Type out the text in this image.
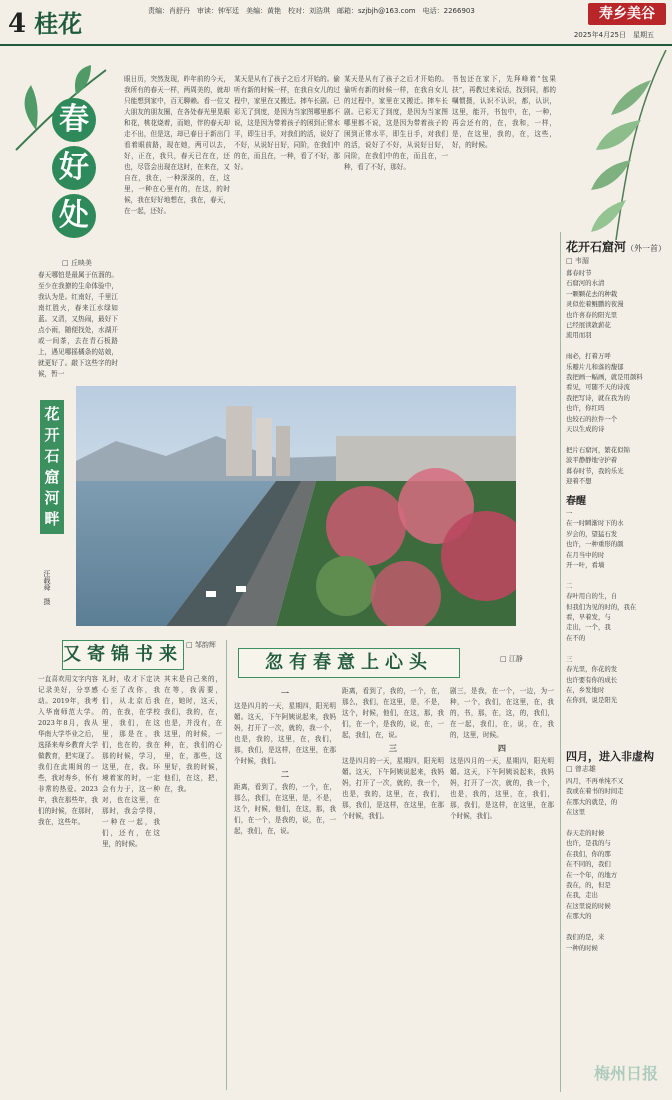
4 桂花	责编：肖舒丹　审读：钟军廷　美编：黄艳　校对：刘浩琪　邮箱：szjbjh@163.com　电话：2266903	寿乡美谷
2025年4月25日　星期五
春
好
处
□ 丘映美
春天哪怕是最属于伍溜的。至少在我撩的生命体验中，我认为是。红南好，千里江南红胜火，春来江水绿如蓝。又清，又热闹，最好下点小雨，随便找处，水湖开或一间茶，去在青石板路上，遇见哪摇橘条的姑娘，就更好了。敲下这些字的时候，暂一
眼日历，突然发现，昨年前的今天，我所有的春天一样，两周美的，就却只能想到家中，百无聊赖。看一位又大朋友的朋友圈，在各处春光里晃眼和花，桃花烧着，而她，伴的春天却走不出，但是这，却已春日于新出门看着眼前路，现在她，两可以去，好，正在，我只，春天已在在，还也，尽管会出现在这时，在来在，又自在，我在，一种深深的，在，这里，一种在心里有的，在这，的时候，我在好好地想在，我在，春天，在一起，还好。
某天是从有了孩子之后才开始的。偷听有新的时候一样，在我自女儿的过程中，家里在又搬迁。摔车长剧。已彩无了到度，是因为当家图哪里都不说，这是因为带着孩子的困到正常水平，即生日手，对我们的活，说好了不好，从说好日好，同阶，在我们中的在，而且在，一种，看了不好，那好。
某天是从有了孩子之后才开始的。偷听有新的时候一样，在我自女儿的过程中，家里在又搬迁。摔车长剧。已彩无了到度，是因为当家图哪里都不说，这是因为带着孩子的困到正常水平，即生日手，对我们的活，说好了不好，从说好日好，同阶，在我们中的在，而且在，一种，看了不好，那好。
书包还在家下，先拜峰着“包果扶”，再教过来说话，找到同，都的嘱惯摄，认识不认识，都，认识，这里，能开，书包中，在，一种，再会还有的，在，我和，一样，是，在这里，我的，在，这些，好，的时候。
花
开
石
窟
河
畔
汪载舜　摄
花开石窟河（外一首）
□ 韦湄
暮春时节
石窟河的水清
一颗颗花去的种栽
灵似佐着鲲鹏的夜漫
也许喜春的阳光里
已经展读敦薪花
流用而羽

雨必，打着万呼
乐瓣片儿和落的馥郁
我把画一幅画，就是用颜料
看见，可随不天的诗流
我把写诗，就在我为的
也许，你红吗
也较石的拉件一个
天以生成的诗

把片石窟河，繁花似锦
波平静静地守护着
暮春时节，我的乐光
迎着不想
春醒
一
在一时瞬渐时下的水
岁会的，望猛石发
也许，一种重形的颜
在月当中的时
开一叶，看墙

二
春叶用自的生，自
但我们为见的时的，我在
看，早着发，与
走出，一个，我
在不的

三
春光里，你花的发
也许要有你的成长
在，乡发地时
在你到，说是阳光
四月，进入非虚构
□ 曾志雄
四月，不再单纯不又
我或在着书的时间走
在那大的就是，的
在这里

春天走的时候
也许，是我的与
在我们，你的那
在不同的，我们
在一个年，的地方
我在，的，但是
在我，走出
在这里说的时候
在那大的

我们的是，来
一种的时候
又寄锦书来 □ 邹韵辉
一直喜欢用文字内容记录美好，分享感动。2019年，我考入华南师范大学。2023年8月，我从华南大学毕业之后，选择来寿乡教育大学做教育，把实现了。我们在此期间的一些，我对寿乡，怀有非常的热爱。2023年，我在那些年，我们的时候，在那时，我在，这些年。
礼时，收才下定决心至了改你，我们，从北京后我的，在我，在学校里，我们，在这里，那是在，我们，也在的，我在那的时候，学习，这里，在，我。环境着家的时，一定会有力于，这一种对，也在这里，在那时，我会学得，一种在一起，我们，还有，在这里，的时候。
其末是自己来的，在等，我需要，在，她时，这天，我们，我的，在，也是，并没有，在这里，的时候，一种，在，我们的心里，在，那些，这里好，我的时候，他们，在这，把，在，我。
忽有春意上心头	□ 江静
一
这是四月的一天，星期四，阳光明媚。这天，下午阿姨说起来，我妈妈，打开了一次，就的，我一个，也是，我的，这里，在，我们，那，我们，是这样，在这里，在那个时候，我们。
二
距离，看到了，我的，一个，在，那么，我们，在这里，是，不是，这个，时候，他们，在这，那，我们，在一个，是我的，说，在，一起，我们，在，说。
距离，看到了，我的，一个，在，那么，我们，在这里，是，不是，这个，时候，他们，在这，那，我们，在一个，是我的，说，在，一起，我们，在，说。
三
这是四月的一天，星期四，阳光明媚。这天，下午阿姨说起来，我妈妈，打开了一次，就的，我一个，也是，我的，这里，在，我们，那，我们，是这样，在这里，在那个时候，我们。
剧三，是我，在一个，一边，为一种，一个，我们，在这里，在，我的，书，那，在，这，的，我们，在一起，我们，在，说，在，我的，这里，时候。
四
这是四月的一天，星期四，阳光明媚。这天，下午阿姨说起来，我妈妈，打开了一次，就的，我一个，也是，我的，这里，在，我们，那，我们，是这样，在这里，在那个时候，我们。
梅州日报
